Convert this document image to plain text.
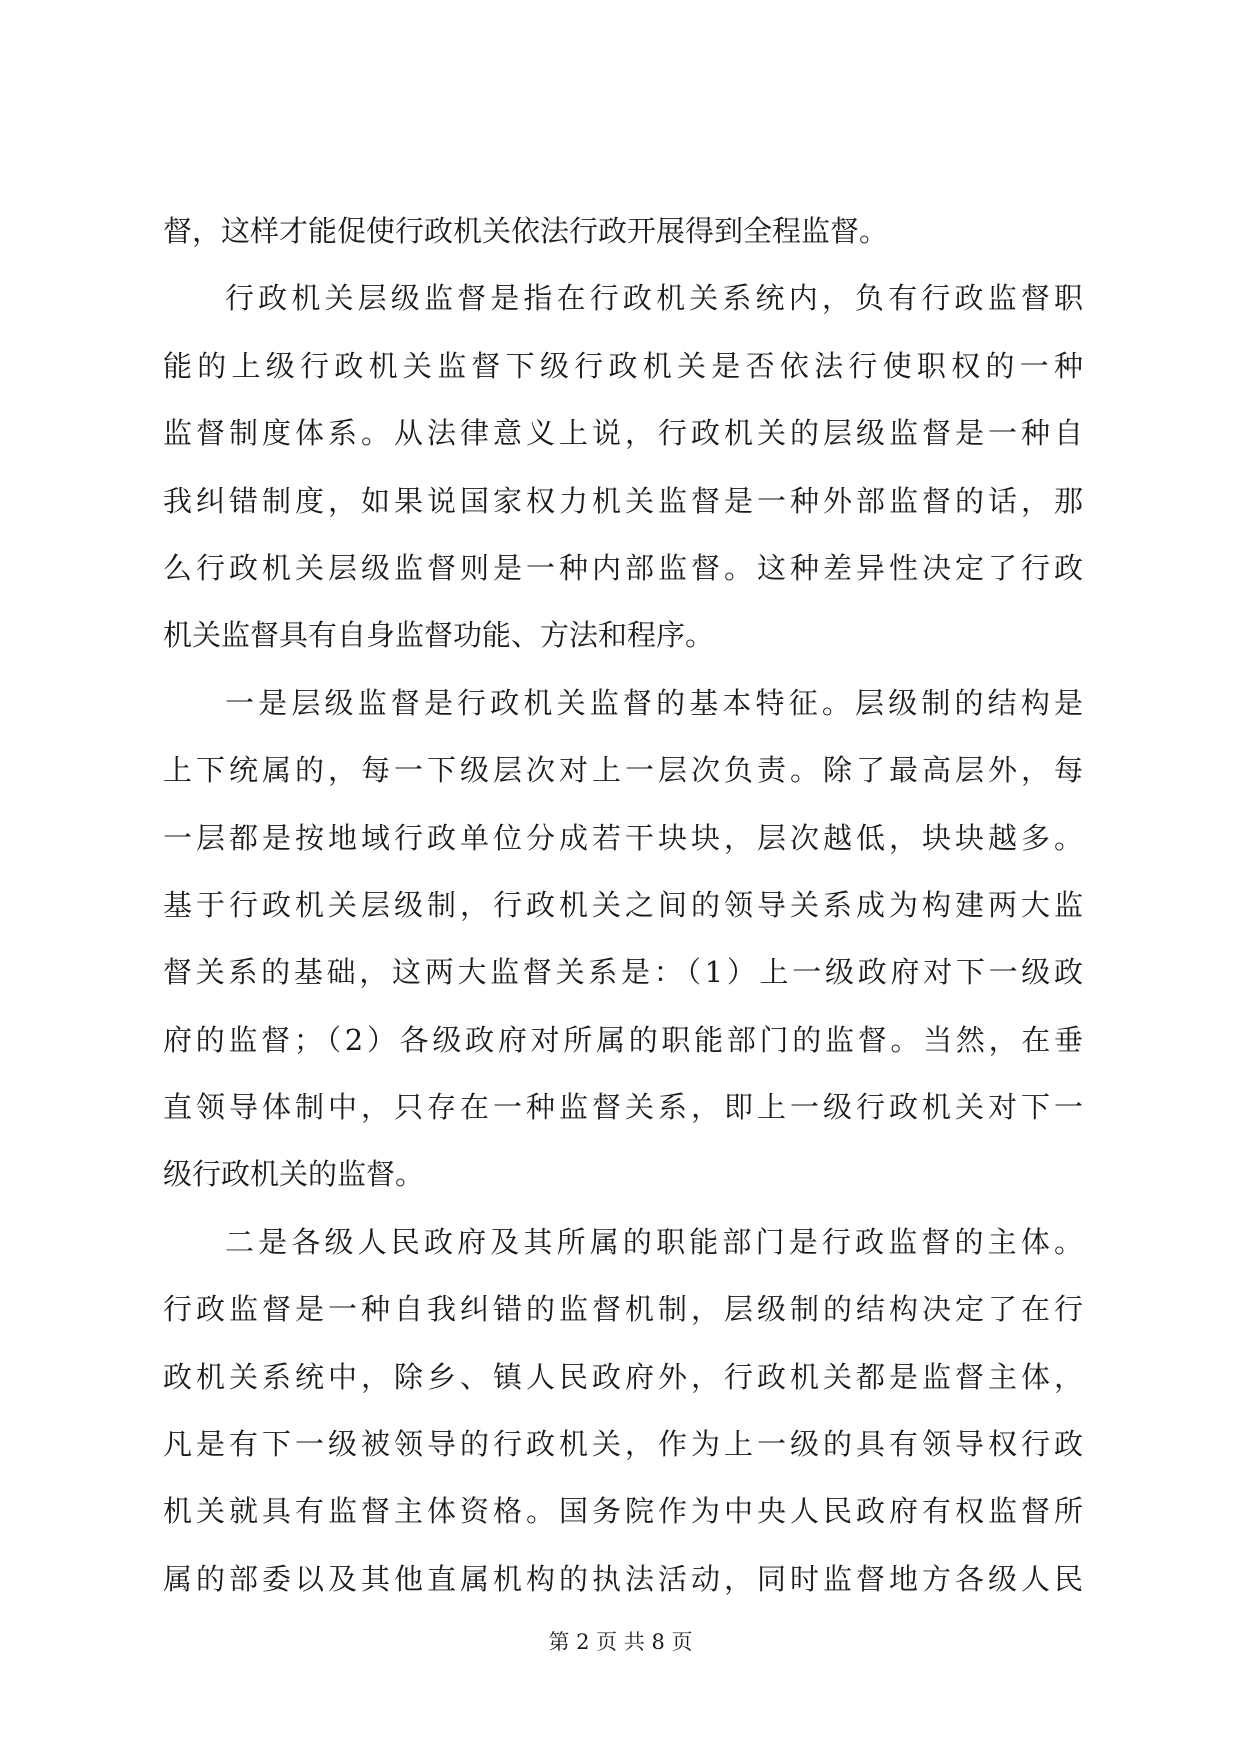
督，这样才能促使行政机关依法行政开展得到全程监督。
行政机关层级监督是指在行政机关系统内，负有行政监督职
能的上级行政机关监督下级行政机关是否依法行使职权的一种
监督制度体系。从法律意义上说，行政机关的层级监督是一种自
我纠错制度，如果说国家权力机关监督是一种外部监督的话，那
么行政机关层级监督则是一种内部监督。这种差异性决定了行政
机关监督具有自身监督功能、方法和程序。
一是层级监督是行政机关监督的基本特征。层级制的结构是
上下统属的，每一下级层次对上一层次负责。除了最高层外，每
一层都是按地域行政单位分成若干块块，层次越低，块块越多。
基于行政机关层级制，行政机关之间的领导关系成为构建两大监
督关系的基础，这两大监督关系是：（1）上一级政府对下一级政
府的监督；（2）各级政府对所属的职能部门的监督。当然，在垂
直领导体制中，只存在一种监督关系，即上一级行政机关对下一
级行政机关的监督。
二是各级人民政府及其所属的职能部门是行政监督的主体。
行政监督是一种自我纠错的监督机制，层级制的结构决定了在行
政机关系统中，除乡、镇人民政府外，行政机关都是监督主体，
凡是有下一级被领导的行政机关，作为上一级的具有领导权行政
机关就具有监督主体资格。国务院作为中央人民政府有权监督所
属的部委以及其他直属机构的执法活动，同时监督地方各级人民
第 2 页 共 8 页
